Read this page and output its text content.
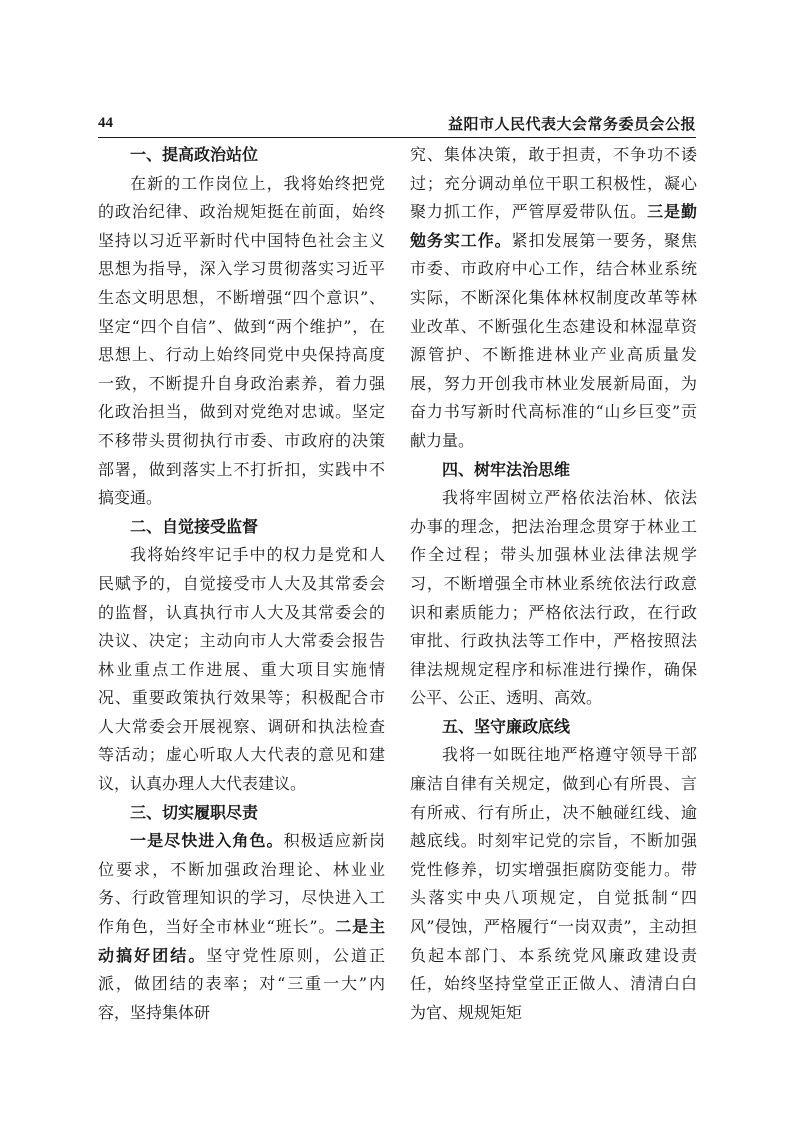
44	益阳市人民代表大会常务委员会公报
一、提高政治站位

在新的工作岗位上，我将始终把党的政治纪律、政治规矩挺在前面，始终坚持以习近平新时代中国特色社会主义思想为指导，深入学习贯彻落实习近平生态文明思想，不断增强“四个意识”、坚定“四个自信”、做到“两个维护”，在思想上、行动上始终同党中央保持高度一致，不断提升自身政治素养，着力强化政治担当，做到对党绝对忠诚。坚定不移带头贯彻执行市委、市政府的决策部署，做到落实上不打折扣，实践中不搞变通。

二、自觉接受监督

我将始终牢记手中的权力是党和人民赋予的，自觉接受市人大及其常委会的监督，认真执行市人大及其常委会的决议、决定；主动向市人大常委会报告林业重点工作进展、重大项目实施情况、重要政策执行效果等；积极配合市人大常委会开展视察、调研和执法检查等活动；虚心听取人大代表的意见和建议，认真办理人大代表建议。

三、切实履职尽责

一是尽快进入角色。积极适应新岗位要求，不断加强政治理论、林业业务、行政管理知识的学习，尽快进入工作角色，当好全市林业“班长”。二是主动搞好团结。坚守党性原则，公道正派，做团结的表率；对“三重一大”内容，坚持集体研

究、集体决策，敢于担责，不争功不诿过；充分调动单位干职工积极性，凝心聚力抓工作，严管厚爱带队伍。三是勤勉务实工作。紧扣发展第一要务，聚焦市委、市政府中心工作，结合林业系统实际，不断深化集体林权制度改革等林业改革、不断强化生态建设和林湿草资源管护、不断推进林业产业高质量发展，努力开创我市林业发展新局面，为奋力书写新时代高标准的“山乡巨变”贡献力量。

四、树牢法治思维

我将牢固树立严格依法治林、依法办事的理念，把法治理念贯穿于林业工作全过程；带头加强林业法律法规学习，不断增强全市林业系统依法行政意识和素质能力；严格依法行政，在行政审批、行政执法等工作中，严格按照法律法规规定程序和标准进行操作，确保公平、公正、透明、高效。

五、坚守廉政底线

我将一如既往地严格遵守领导干部廉洁自律有关规定，做到心有所畏、言有所戒、行有所止，决不触碰红线、逾越底线。时刻牢记党的宗旨，不断加强党性修养，切实增强拒腐防变能力。带头落实中央八项规定，自觉抵制“四风”侵蚀，严格履行“一岗双责”，主动担负起本部门、本系统党风廉政建设责任，始终坚持堂堂正正做人、清清白白为官、规规矩矩
